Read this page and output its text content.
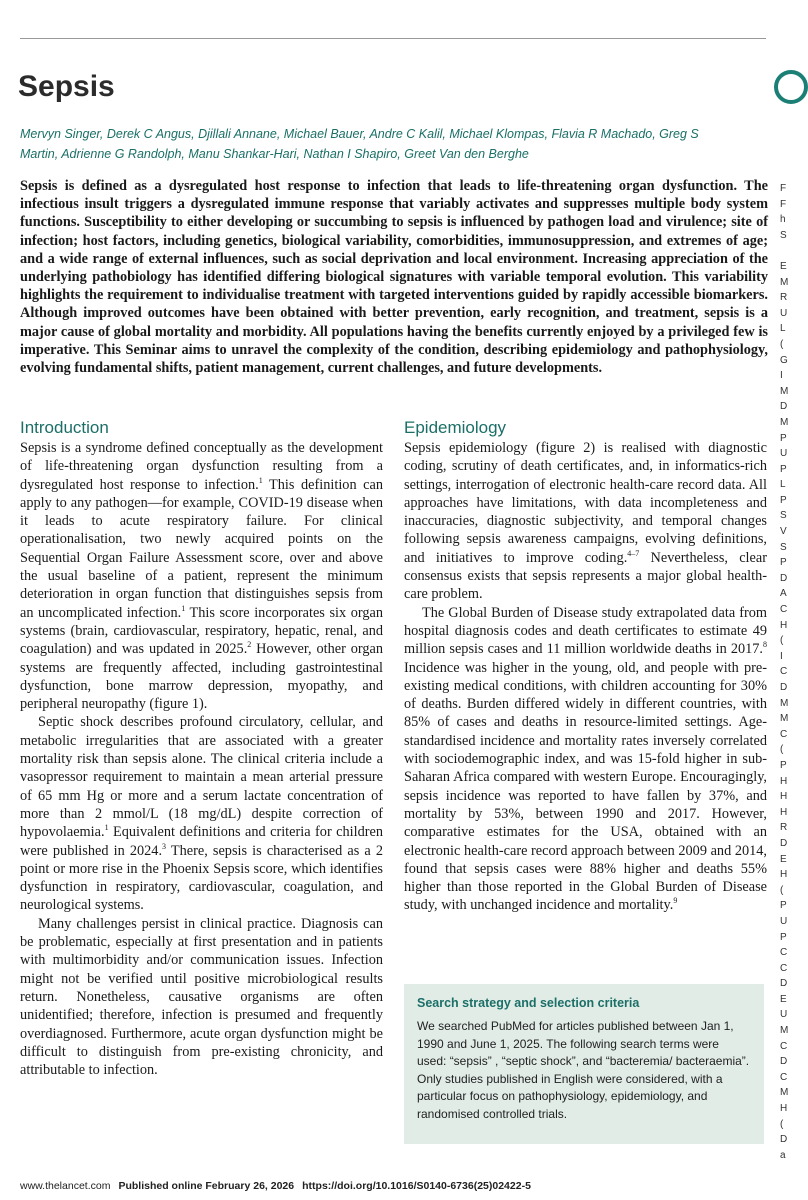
Sepsis
Mervyn Singer, Derek C Angus, Djillali Annane, Michael Bauer, Andre C Kalil, Michael Klompas, Flavia R Machado, Greg S Martin, Adrienne G Randolph, Manu Shankar-Hari, Nathan I Shapiro, Greet Van den Berghe

Sepsis is defined as a dysregulated host response to infection that leads to life-threatening organ dysfunction. The infectious insult triggers a dysregulated immune response that variably activates and suppresses multiple body system functions. Susceptibility to either developing or succumbing to sepsis is influenced by pathogen load and virulence; site of infection; host factors, including genetics, biological variability, comorbidities, immunosuppression, and extremes of age; and a wide range of external influences, such as social deprivation and local environment. Increasing appreciation of the underlying pathobiology has identified differing biological signatures with variable temporal evolution. This variability highlights the requirement to individualise treatment with targeted interventions guided by rapidly accessible biomarkers. Although improved outcomes have been obtained with better prevention, early recognition, and treatment, sepsis is a major cause of global mortality and morbidity. All populations having the benefits currently enjoyed by a privileged few is imperative. This Seminar aims to unravel the complexity of the condition, describing epidemiology and pathophysiology, evolving fundamental shifts, patient management, current challenges, and future developments.

Introduction

Sepsis is a syndrome defined conceptually as the development of life-threatening organ dysfunction resulting from a dysregulated host response to infection.$^1$ This definition can apply to any pathogen—for example, COVID-19 disease when it leads to acute respiratory failure. For clinical operationalisation, two newly acquired points on the Sequential Organ Failure Assessment score, over and above the usual baseline of a patient, represent the minimum deterioration in organ function that distinguishes sepsis from an uncomplicated infection.$^1$ This score incorporates six organ systems (brain, cardiovascular, respiratory, hepatic, renal, and coagulation) and was updated in 2025.$^2$ However, other organ systems are frequently affected, including gastrointestinal dysfunction, bone marrow depression, myopathy, and peripheral neuropathy (figure 1).

Septic shock describes profound circulatory, cellular, and metabolic irregularities that are associated with a greater mortality risk than sepsis alone. The clinical criteria include a vasopressor requirement to maintain a mean arterial pressure of 65 mm Hg or more and a serum lactate concentration of more than 2 mmol/L (18 mg/dL) despite correction of hypovolaemia.$^1$ Equivalent definitions and criteria for children were published in 2024.$^3$ There, sepsis is characterised as a 2 point or more rise in the Phoenix Sepsis score, which identifies dysfunction in respiratory, cardiovascular, coagulation, and neurological systems.

Many challenges persist in clinical practice. Diagnosis can be problematic, especially at first presentation and in patients with multimorbidity and/or communication issues. Infection might not be verified until positive microbiological results return. Nonetheless, causative organisms are often unidentified; therefore, infection is presumed and frequently overdiagnosed. Furthermore, acute organ dysfunction might be difficult to distinguish from pre-existing chronicity, and attributable to infection.

Epidemiology

Sepsis epidemiology (figure 2) is realised with diagnostic coding, scrutiny of death certificates, and, in informatics-rich settings, interrogation of electronic health-care record data. All approaches have limitations, with data incompleteness and inaccuracies, diagnostic subjectivity, and temporal changes following sepsis awareness campaigns, evolving definitions, and initiatives to improve coding.$^{4-7}$ Nevertheless, clear consensus exists that sepsis represents a major global health-care problem.

The Global Burden of Disease study extrapolated data from hospital diagnosis codes and death certificates to estimate 49 million sepsis cases and 11 million worldwide deaths in 2017.$^8$ Incidence was higher in the young, old, and people with pre-existing medical conditions, with children accounting for 30% of deaths. Burden differed widely in different countries, with 85% of cases and deaths in resource-limited settings. Age-standardised incidence and mortality rates inversely correlated with sociodemographic index, and was 15-fold higher in sub-Saharan Africa compared with western Europe. Encouragingly, sepsis incidence was reported to have fallen by 37%, and mortality by 53%, between 1990 and 2017. However, comparative estimates for the USA, obtained with an electronic health-care record approach between 2009 and 2014, found that sepsis cases were 88% higher and deaths 55% higher than those reported in the Global Burden of Disease study, with unchanged incidence and mortality.$^9$

Search strategy and selection criteria

We searched PubMed for articles published between Jan 1, 1990 and June 1, 2025. The following search terms were used: “sepsis” , “septic shock”, and “bacteremia/ bacteraemia”. Only studies published in English were considered, with a particular focus on pathophysiology, epidemiology, and randomised controlled trials.

www.thelancet.com Published online February 26, 2026 https://doi.org/10.1016/S0140-6736(25)02422-5
F
F
h
S
E
M
R
U
L
(
G
I
M
D
M
P
U
P
L
P
S
V
S
P
D
A
C
H
(
I
C
D
M
M
C
(
P
H
H
H
R
D
E
H
(
P
U
P
C
C
D
E
U
M
C
D
C
M
H
(
D
a
